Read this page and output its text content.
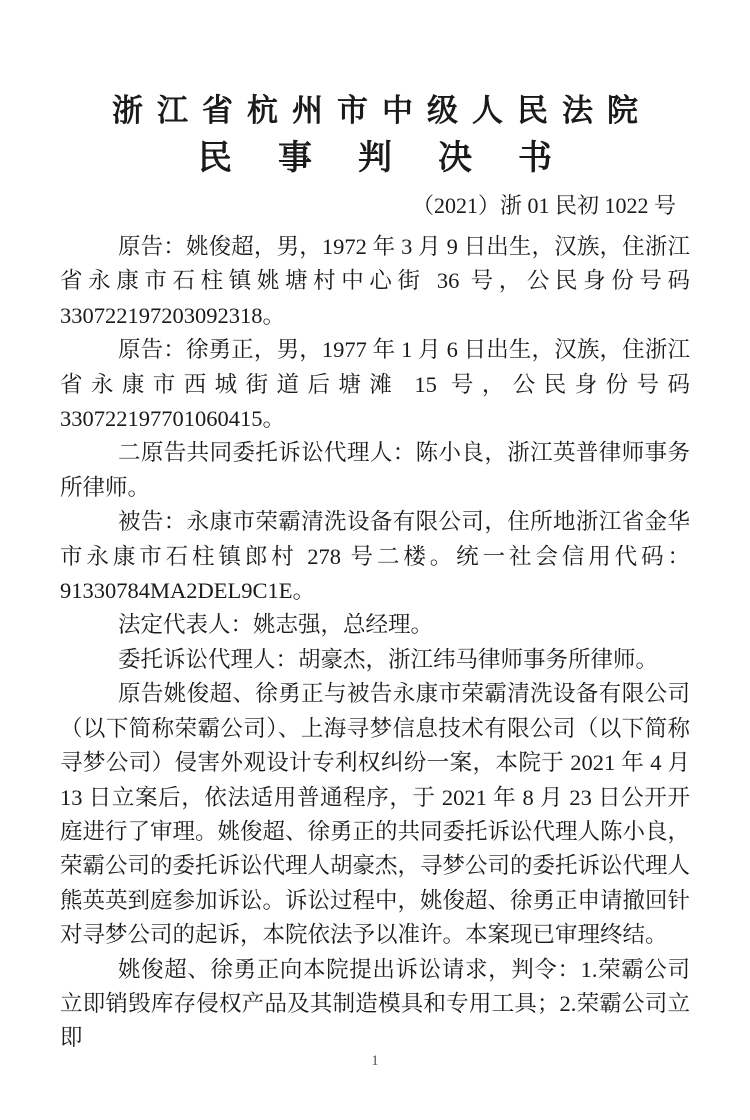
浙江省杭州市中级人民法院
民事判决书
（2021）浙 01 民初 1022 号

原告：姚俊超，男，1972 年 3 月 9 日出生，汉族，住浙江省永康市石柱镇姚塘村中心街 36 号，公民身份号码 330722197203092318。

原告：徐勇正，男，1977 年 1 月 6 日出生，汉族，住浙江省永康市西城街道后塘滩 15 号，公民身份号码 330722197701060415。

二原告共同委托诉讼代理人：陈小良，浙江英普律师事务所律师。

被告：永康市荣霸清洗设备有限公司，住所地浙江省金华市永康市石柱镇郎村 278 号二楼。统一社会信用代码：91330784MA2DEL9C1E。

法定代表人：姚志强，总经理。

委托诉讼代理人：胡豪杰，浙江纬马律师事务所律师。

原告姚俊超、徐勇正与被告永康市荣霸清洗设备有限公司（以下简称荣霸公司）、上海寻梦信息技术有限公司（以下简称寻梦公司）侵害外观设计专利权纠纷一案，本院于 2021 年 4 月 13 日立案后，依法适用普通程序，于 2021 年 8 月 23 日公开开庭进行了审理。姚俊超、徐勇正的共同委托诉讼代理人陈小良，荣霸公司的委托诉讼代理人胡豪杰，寻梦公司的委托诉讼代理人熊英英到庭参加诉讼。诉讼过程中，姚俊超、徐勇正申请撤回针对寻梦公司的起诉，本院依法予以准许。本案现已审理终结。

姚俊超、徐勇正向本院提出诉讼请求，判令：1.荣霸公司立即销毁库存侵权产品及其制造模具和专用工具；2.荣霸公司立即

1
